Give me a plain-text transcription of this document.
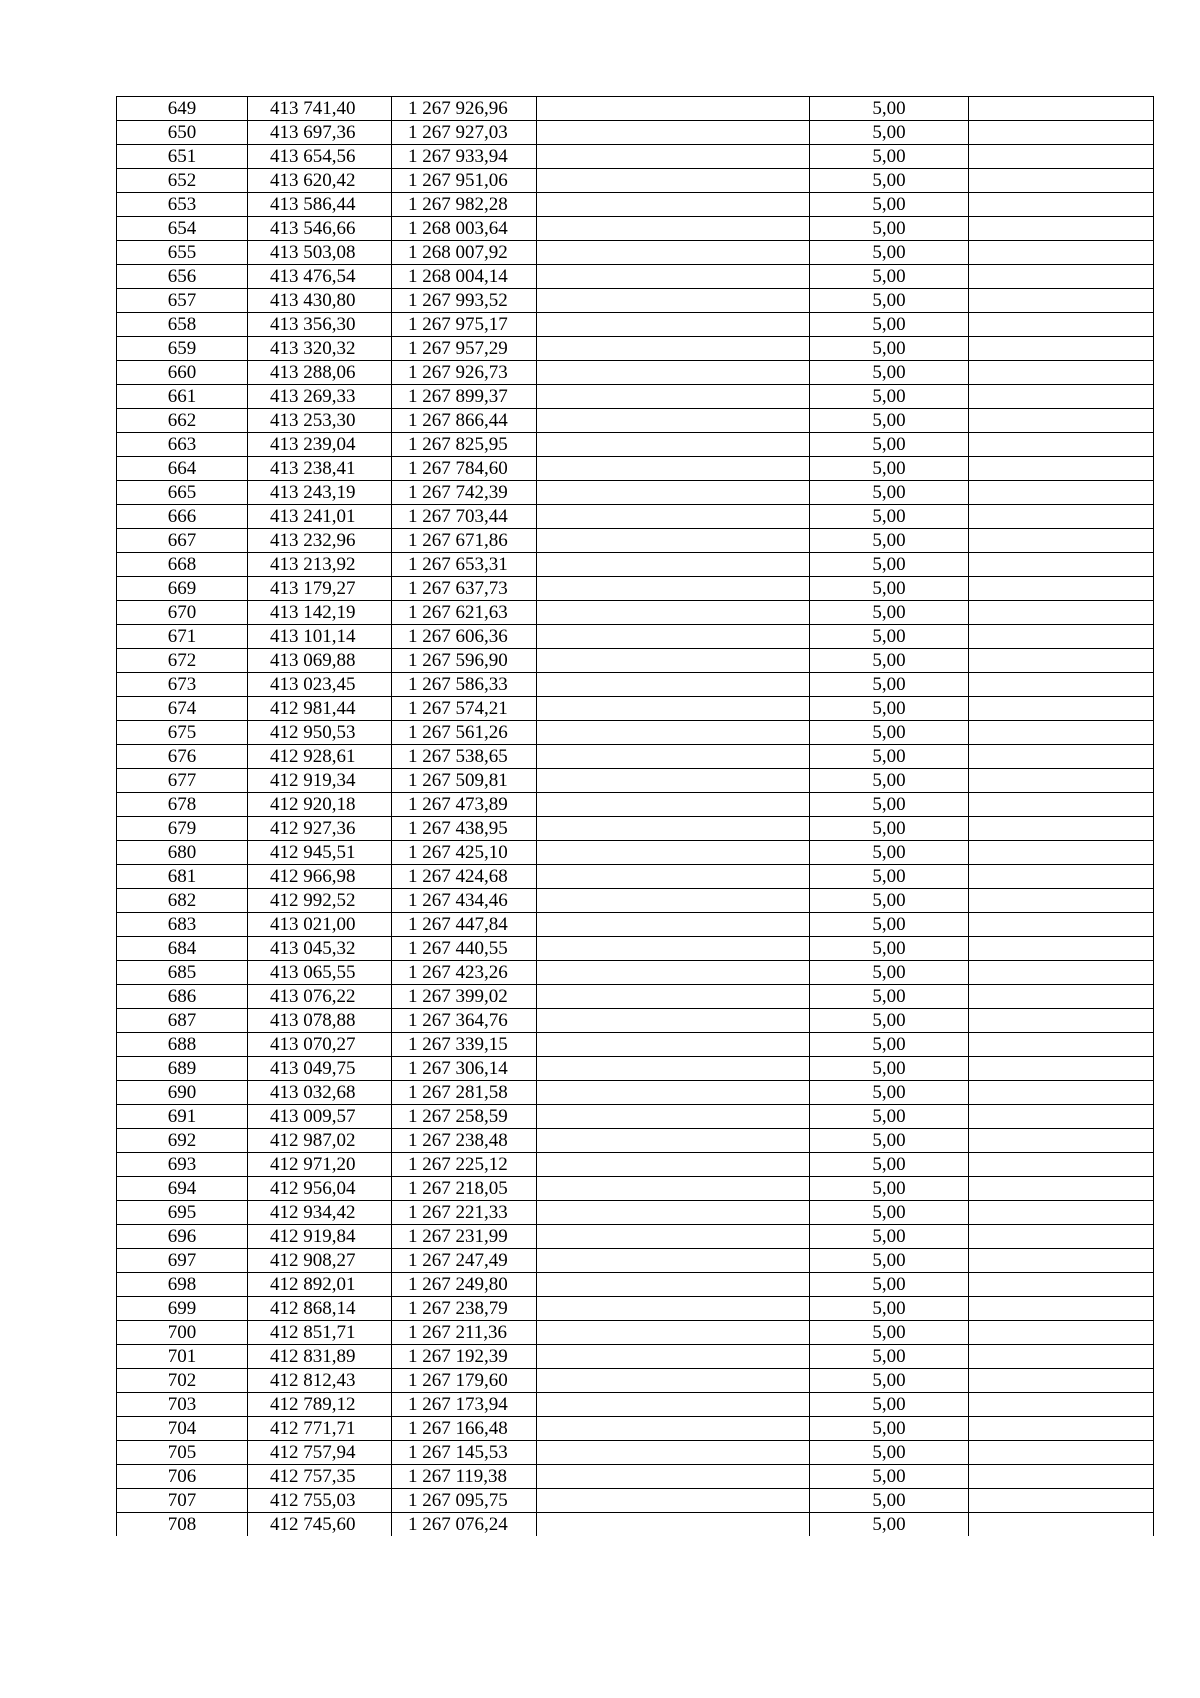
649	413 741,40	1 267 926,96		5,00	
650	413 697,36	1 267 927,03		5,00	
651	413 654,56	1 267 933,94		5,00	
652	413 620,42	1 267 951,06		5,00	
653	413 586,44	1 267 982,28		5,00	
654	413 546,66	1 268 003,64		5,00	
655	413 503,08	1 268 007,92		5,00	
656	413 476,54	1 268 004,14		5,00	
657	413 430,80	1 267 993,52		5,00	
658	413 356,30	1 267 975,17		5,00	
659	413 320,32	1 267 957,29		5,00	
660	413 288,06	1 267 926,73		5,00	
661	413 269,33	1 267 899,37		5,00	
662	413 253,30	1 267 866,44		5,00	
663	413 239,04	1 267 825,95		5,00	
664	413 238,41	1 267 784,60		5,00	
665	413 243,19	1 267 742,39		5,00	
666	413 241,01	1 267 703,44		5,00	
667	413 232,96	1 267 671,86		5,00	
668	413 213,92	1 267 653,31		5,00	
669	413 179,27	1 267 637,73		5,00	
670	413 142,19	1 267 621,63		5,00	
671	413 101,14	1 267 606,36		5,00	
672	413 069,88	1 267 596,90		5,00	
673	413 023,45	1 267 586,33		5,00	
674	412 981,44	1 267 574,21		5,00	
675	412 950,53	1 267 561,26		5,00	
676	412 928,61	1 267 538,65		5,00	
677	412 919,34	1 267 509,81		5,00	
678	412 920,18	1 267 473,89		5,00	
679	412 927,36	1 267 438,95		5,00	
680	412 945,51	1 267 425,10		5,00	
681	412 966,98	1 267 424,68		5,00	
682	412 992,52	1 267 434,46		5,00	
683	413 021,00	1 267 447,84		5,00	
684	413 045,32	1 267 440,55		5,00	
685	413 065,55	1 267 423,26		5,00	
686	413 076,22	1 267 399,02		5,00	
687	413 078,88	1 267 364,76		5,00	
688	413 070,27	1 267 339,15		5,00	
689	413 049,75	1 267 306,14		5,00	
690	413 032,68	1 267 281,58		5,00	
691	413 009,57	1 267 258,59		5,00	
692	412 987,02	1 267 238,48		5,00	
693	412 971,20	1 267 225,12		5,00	
694	412 956,04	1 267 218,05		5,00	
695	412 934,42	1 267 221,33		5,00	
696	412 919,84	1 267 231,99		5,00	
697	412 908,27	1 267 247,49		5,00	
698	412 892,01	1 267 249,80		5,00	
699	412 868,14	1 267 238,79		5,00	
700	412 851,71	1 267 211,36		5,00	
701	412 831,89	1 267 192,39		5,00	
702	412 812,43	1 267 179,60		5,00	
703	412 789,12	1 267 173,94		5,00	
704	412 771,71	1 267 166,48		5,00	
705	412 757,94	1 267 145,53		5,00	
706	412 757,35	1 267 119,38		5,00	
707	412 755,03	1 267 095,75		5,00	
708	412 745,60	1 267 076,24		5,00	
